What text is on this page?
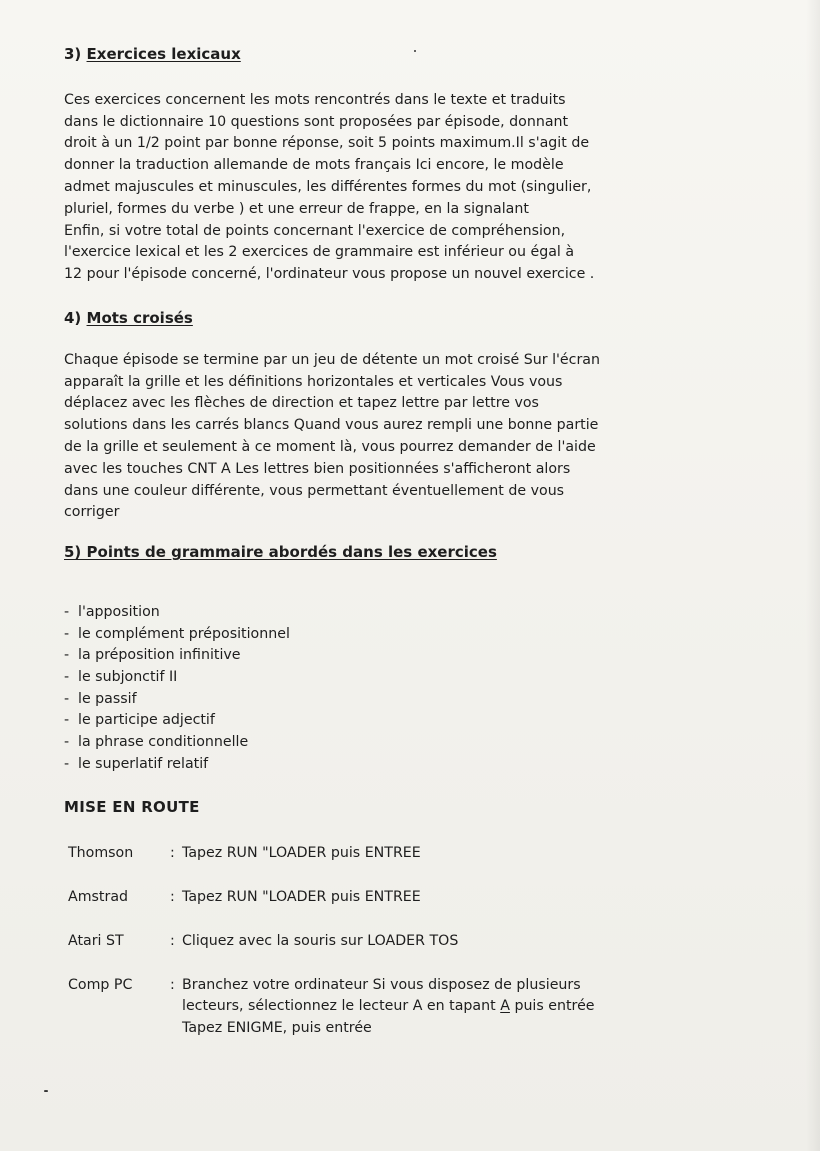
3) Exercices lexicaux

Ces exercices concernent les mots rencontrés dans le texte et traduits
dans le dictionnaire 10 questions sont proposées par épisode, donnant
droit à un 1/2 point par bonne réponse, soit 5 points maximum.Il s'agit de
donner la traduction allemande de mots français Ici encore, le modèle
admet majuscules et minuscules, les différentes formes du mot (singulier,
pluriel, formes du verbe ) et une erreur de frappe, en la signalant
Enfin, si votre total de points concernant l'exercice de compréhension,
l'exercice lexical et les 2 exercices de grammaire est inférieur ou égal à
12 pour l'épisode concerné, l'ordinateur vous propose un nouvel exercice .

4) Mots croisés

Chaque épisode se termine par un jeu de détente un mot croisé Sur l'écran
apparaît la grille et les définitions horizontales et verticales Vous vous
déplacez avec les flèches de direction et tapez lettre par lettre vos
solutions dans les carrés blancs Quand vous aurez rempli une bonne partie
de la grille et seulement à ce moment là, vous pourrez demander de l'aide
avec les touches CNT A Les lettres bien positionnées s'afficheront alors
dans une couleur différente, vous permettant éventuellement de vous
corriger

5) Points de grammaire abordés dans les exercices

- l'apposition
- le complément prépositionnel
- la préposition infinitive
- le subjonctif II
- le passif
- le participe adjectif
- la phrase conditionnelle
- le superlatif relatif

MISE EN ROUTE

Thomson	: Tapez RUN "LOADER puis ENTREE
Amstrad	: Tapez RUN "LOADER puis ENTREE
Atari ST	: Cliquez avec la souris sur LOADER TOS
Comp PC	: Branchez votre ordinateur Si vous disposez de plusieurs
lecteurs, sélectionnez le lecteur A en tapant A puis entrée
Tapez ENIGME, puis entrée
